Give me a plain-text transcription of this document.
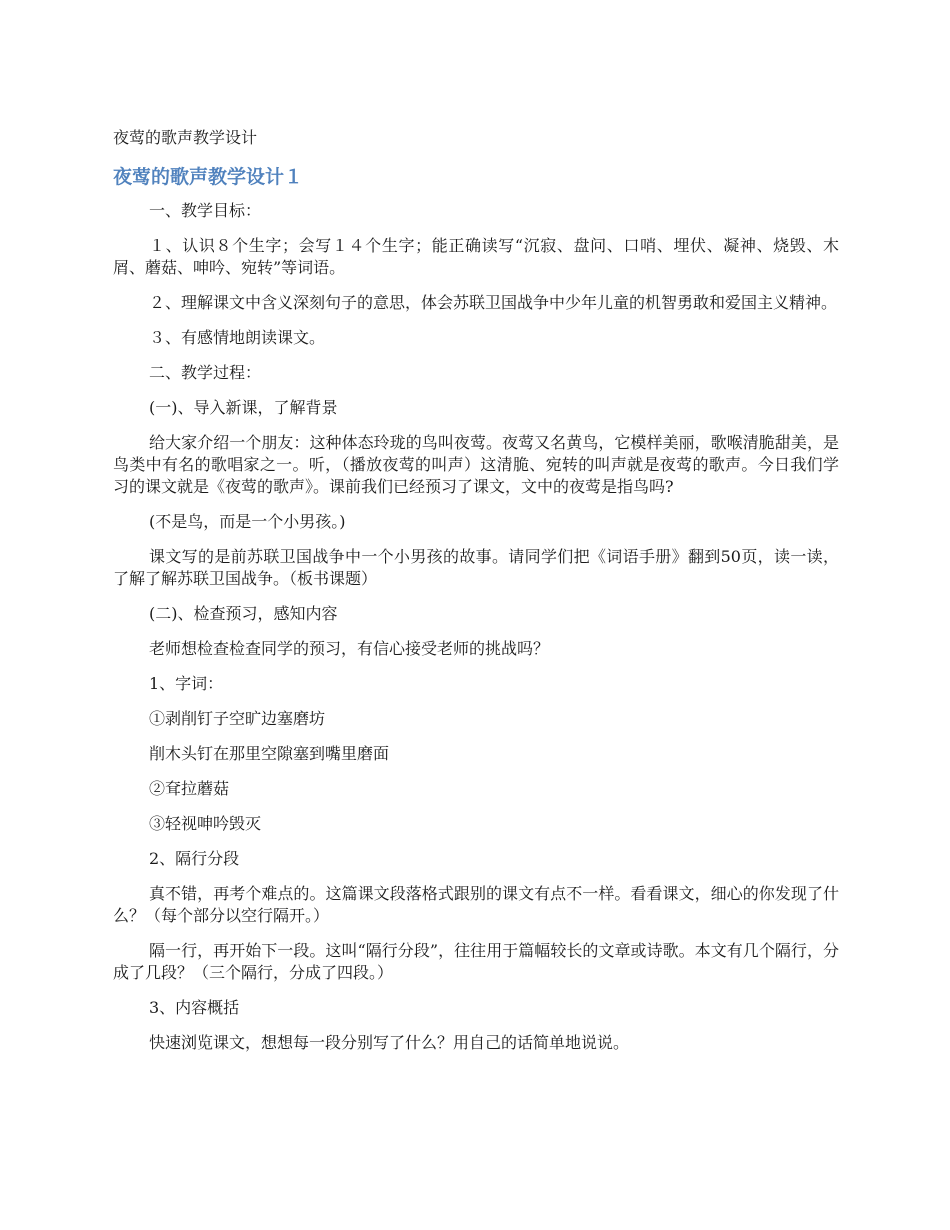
夜莺的歌声教学设计
夜莺的歌声教学设计１

一、教学目标：

１、认识８个生字；会写１４个生字；能正确读写“沉寂、盘问、口哨、埋伏、凝神、烧毁、木屑、蘑菇、呻吟、宛转”等词语。

２、理解课文中含义深刻句子的意思，体会苏联卫国战争中少年儿童的机智勇敢和爱国主义精神。

３、有感情地朗读课文。

二、教学过程：

(一)、导入新课，了解背景

给大家介绍一个朋友：这种体态玲珑的鸟叫夜莺。夜莺又名黄鸟，它模样美丽，歌喉清脆甜美，是鸟类中有名的歌唱家之一。听，（播放夜莺的叫声）这清脆、宛转的叫声就是夜莺的歌声。今日我们学习的课文就是《夜莺的歌声》。课前我们已经预习了课文，文中的夜莺是指鸟吗?

(不是鸟，而是一个小男孩。)

课文写的是前苏联卫国战争中一个小男孩的故事。请同学们把《词语手册》翻到50页，读一读，了解了解苏联卫国战争。（板书课题）

(二)、检查预习，感知内容

老师想检查检查同学的预习，有信心接受老师的挑战吗？

1、字词：

①剥削钉子空旷边塞磨坊

削木头钉在那里空隙塞到嘴里磨面

②耷拉蘑菇

③轻视呻吟毁灭

2、隔行分段

真不错，再考个难点的。这篇课文段落格式跟别的课文有点不一样。看看课文，细心的你发现了什么？（每个部分以空行隔开。）

隔一行，再开始下一段。这叫“隔行分段”，往往用于篇幅较长的文章或诗歌。本文有几个隔行，分成了几段？（三个隔行，分成了四段。）

3、内容概括

快速浏览课文，想想每一段分别写了什么？用自己的话简单地说说。
